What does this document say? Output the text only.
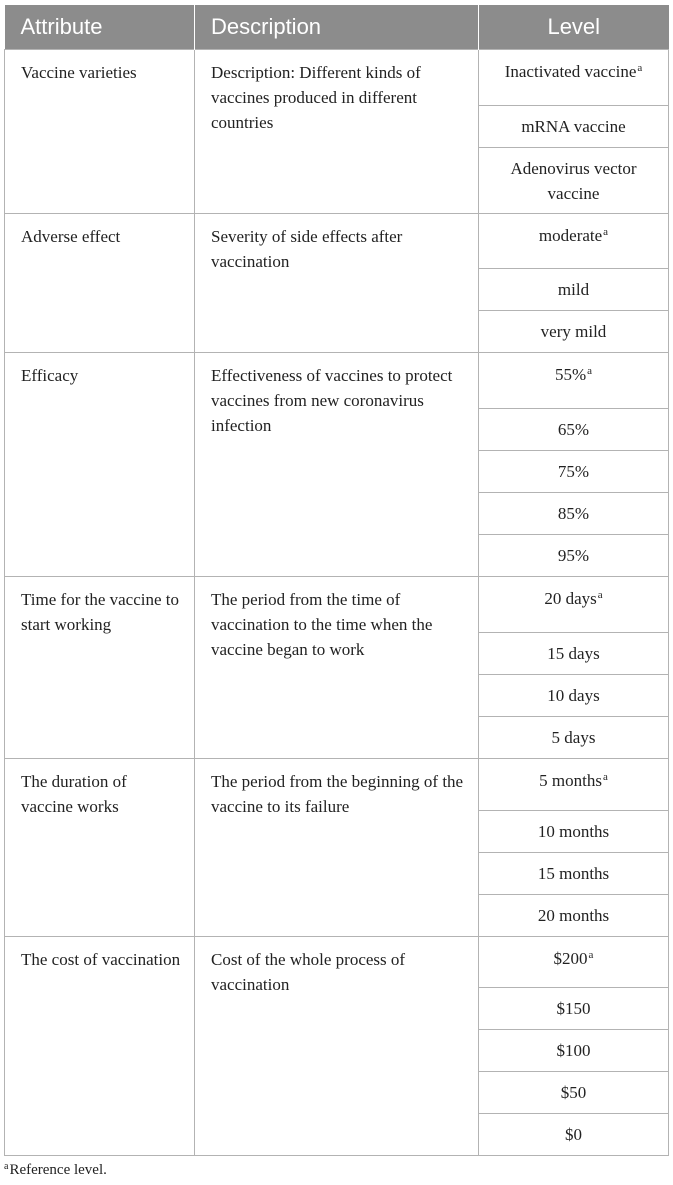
Attribute	Description	Level
Vaccine varieties	Description: Different kinds of vaccines produced in different countries	Inactivated vaccine$^a$
		mRNA vaccine
		Adenovirus vector vaccine
Adverse effect	Severity of side effects after vaccination	moderate$^a$
		mild
		very mild
Efficacy	Effectiveness of vaccines to protect vaccines from new coronavirus infection	55%$^a$
		65%
		75%
		85%
		95%
Time for the vaccine to start working	The period from the time of vaccination to the time when the vaccine began to work	20 days$^a$
		15 days
		10 days
		5 days
The duration of vaccine works	The period from the beginning of the vaccine to its failure	5 months$^a$
		10 months
		15 months
		20 months
The cost of vaccination	Cost of the whole process of vaccination	$200$^a$
		$150
		$100
		$50
		$0
$^a$Reference level.
